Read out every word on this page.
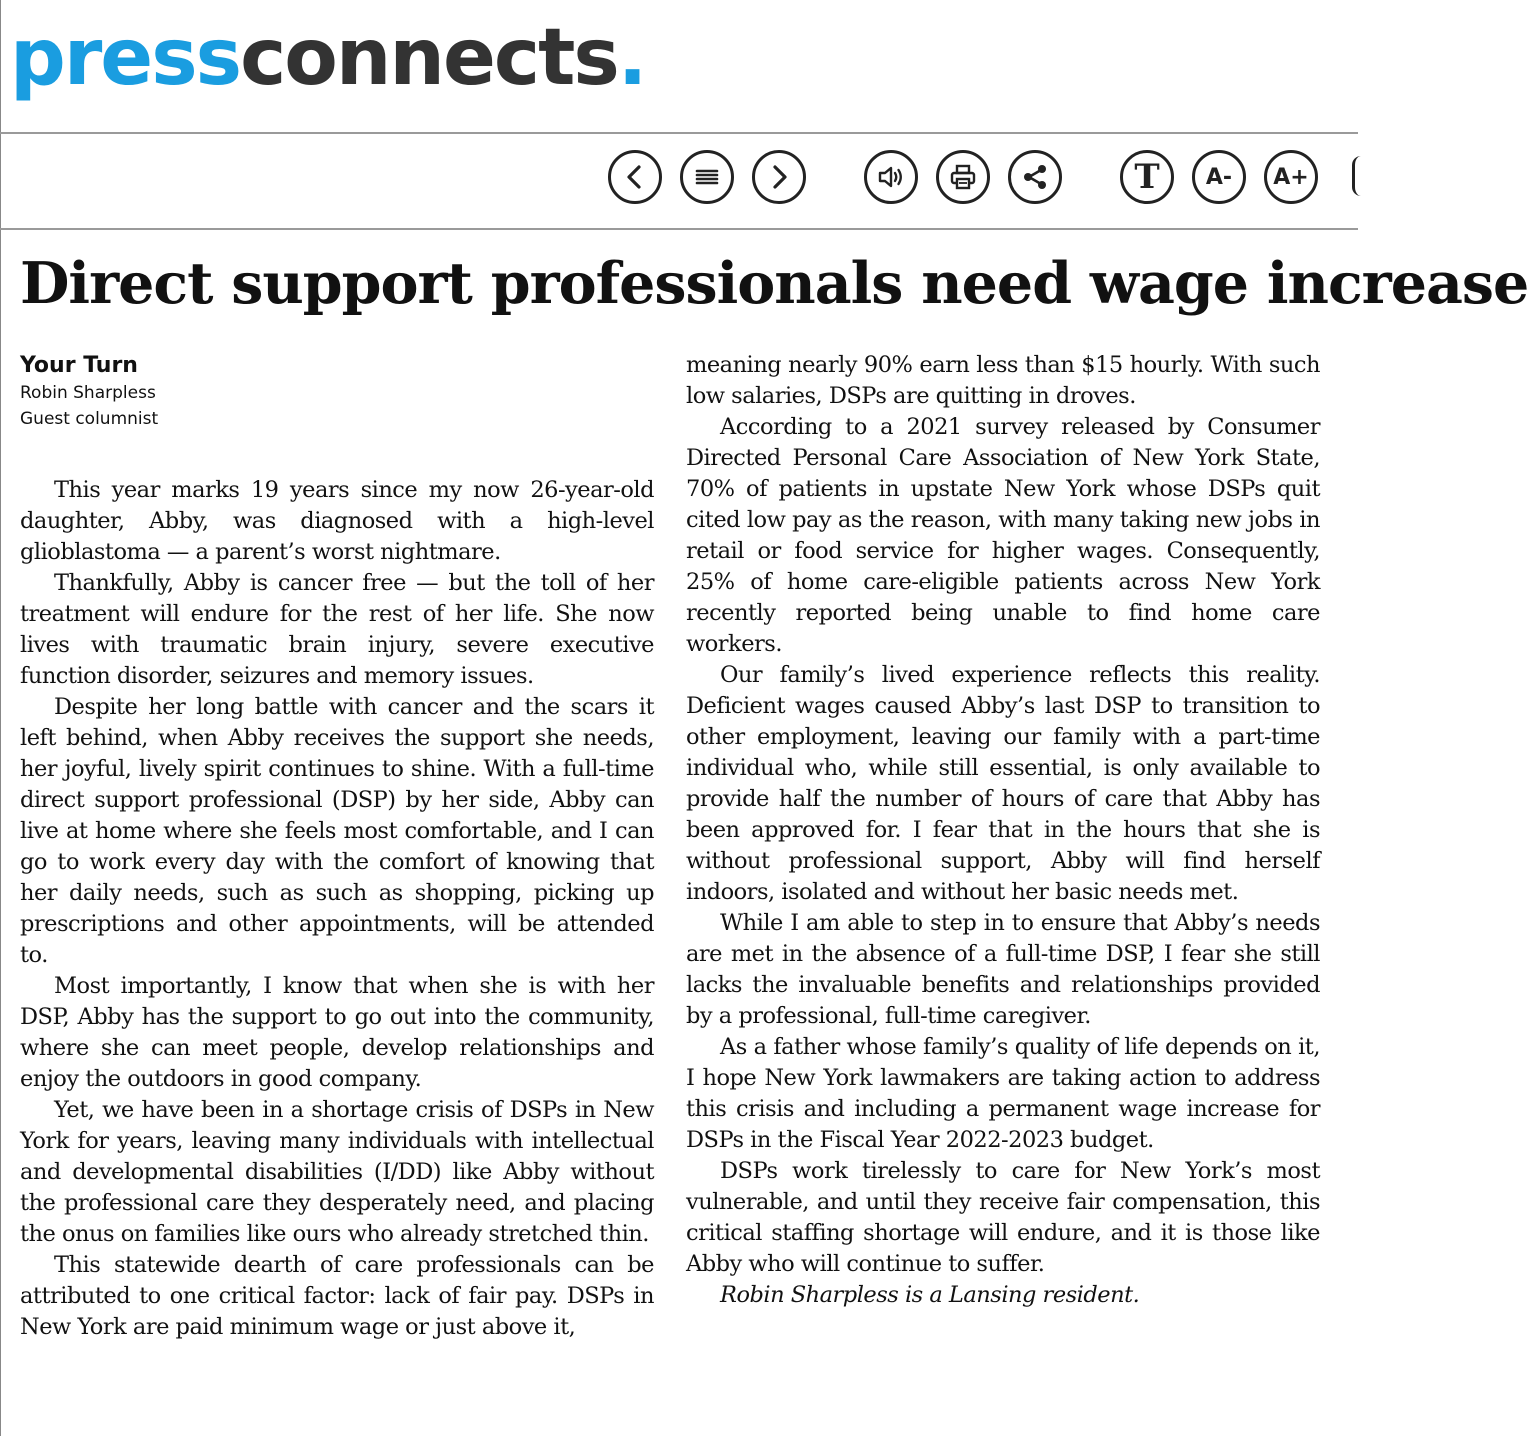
pressconnects.
T A- A+
Direct support professionals need wage increase
Your Turn
Robin Sharpless
Guest columnist

This year marks 19 years since my now 26-year-old daughter, Abby, was diagnosed with a high-level glioblastoma — a parent’s worst nightmare.

Thankfully, Abby is cancer free — but the toll of her treatment will endure for the rest of her life. She now lives with traumatic brain injury, severe executive function disorder, seizures and memory issues.

Despite her long battle with cancer and the scars it left behind, when Abby receives the support she needs, her joyful, lively spirit continues to shine. With a full-time direct support professional (DSP) by her side, Abby can live at home where she feels most comfortable, and I can go to work every day with the comfort of knowing that her daily needs, such as such as shopping, picking up prescriptions and other appointments, will be attended to.

Most importantly, I know that when she is with her DSP, Abby has the support to go out into the community, where she can meet people, develop relationships and enjoy the outdoors in good company.

Yet, we have been in a shortage crisis of DSPs in New York for years, leaving many individuals with intellectual and developmental disabilities (I/DD) like Abby without the professional care they desperately need, and placing the onus on families like ours who already stretched thin.

This statewide dearth of care professionals can be attributed to one critical factor: lack of fair pay. DSPs in New York are paid minimum wage or just above it,

meaning nearly 90% earn less than $15 hourly. With such low salaries, DSPs are quitting in droves.

According to a 2021 survey released by Consumer Directed Personal Care Association of New York State, 70% of patients in upstate New York whose DSPs quit cited low pay as the reason, with many taking new jobs in retail or food service for higher wages. Consequently, 25% of home care-eligible patients across New York recently reported being unable to find home care workers.

Our family’s lived experience reflects this reality. Deficient wages caused Abby’s last DSP to transition to other employment, leaving our family with a part-time individual who, while still essential, is only available to provide half the number of hours of care that Abby has been approved for. I fear that in the hours that she is without professional support, Abby will find herself indoors, isolated and without her basic needs met.

While I am able to step in to ensure that Abby’s needs are met in the absence of a full-time DSP, I fear she still lacks the invaluable benefits and relationships provided by a professional, full-time caregiver.

As a father whose family’s quality of life depends on it, I hope New York lawmakers are taking action to address this crisis and including a permanent wage increase for DSPs in the Fiscal Year 2022-2023 budget.

DSPs work tirelessly to care for New York’s most vulnerable, and until they receive fair compensation, this critical staffing shortage will endure, and it is those like Abby who will continue to suffer.

Robin Sharpless is a Lansing resident.
